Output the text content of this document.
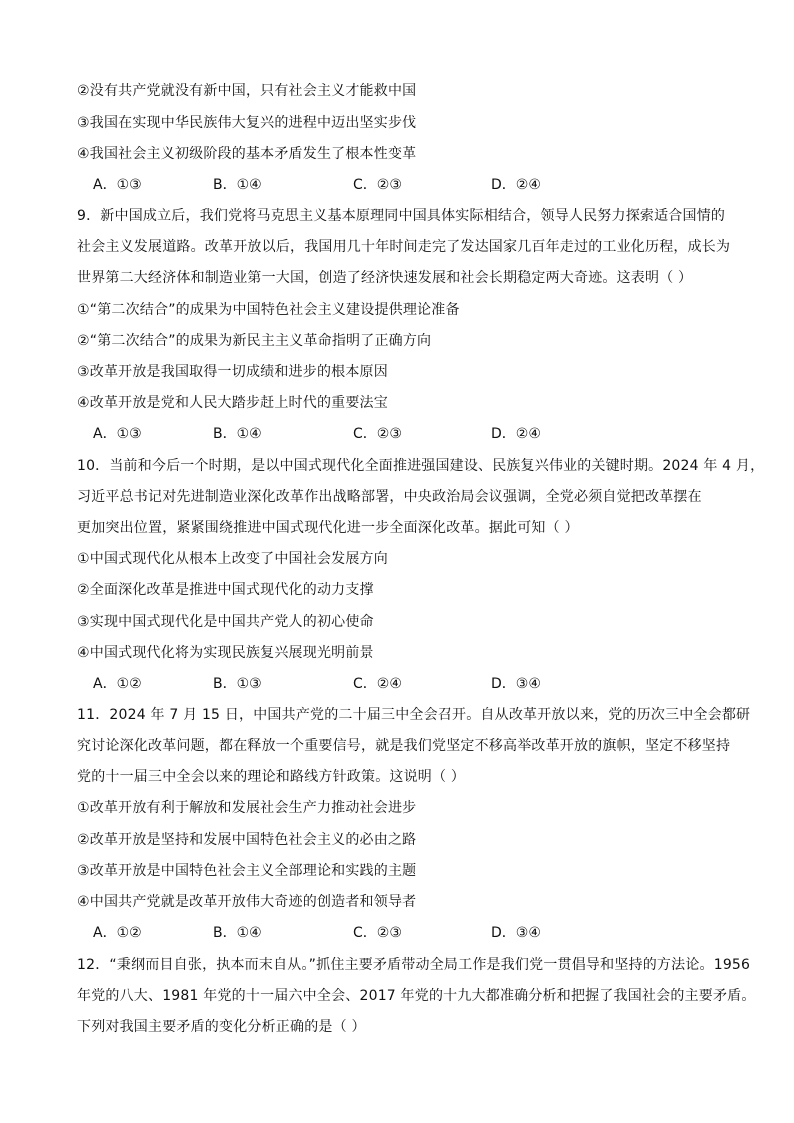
②没有共产党就没有新中国，只有社会主义才能救中国
③我国在实现中华民族伟大复兴的进程中迈出坚实步伐
④我国社会主义初级阶段的基本矛盾发生了根本性变革
A．①③	B．①④	C．②③	D．②④
9．新中国成立后，我们党将马克思主义基本原理同中国具体实际相结合，领导人民努力探索适合国情的
社会主义发展道路。改革开放以后，我国用几十年时间走完了发达国家几百年走过的工业化历程，成长为
世界第二大经济体和制造业第一大国，创造了经济快速发展和社会长期稳定两大奇迹。这表明（ ）
①“第二次结合”的成果为中国特色社会主义建设提供理论准备
②“第二次结合”的成果为新民主主义革命指明了正确方向
③改革开放是我国取得一切成绩和进步的根本原因
④改革开放是党和人民大踏步赶上时代的重要法宝
A．①③	B．①④	C．②③	D．②④
10．当前和今后一个时期，是以中国式现代化全面推进强国建设、民族复兴伟业的关键时期。2024 年 4 月，
习近平总书记对先进制造业深化改革作出战略部署，中央政治局会议强调，全党必须自觉把改革摆在
更加突出位置，紧紧围绕推进中国式现代化进一步全面深化改革。据此可知（ ）
①中国式现代化从根本上改变了中国社会发展方向
②全面深化改革是推进中国式现代化的动力支撑
③实现中国式现代化是中国共产党人的初心使命
④中国式现代化将为实现民族复兴展现光明前景
A．①②	B．①③	C．②④	D．③④
11．2024 年 7 月 15 日，中国共产党的二十届三中全会召开。自从改革开放以来，党的历次三中全会都研
究讨论深化改革问题，都在释放一个重要信号，就是我们党坚定不移高举改革开放的旗帜，坚定不移坚持
党的十一届三中全会以来的理论和路线方针政策。这说明（ ）
①改革开放有利于解放和发展社会生产力推动社会进步
②改革开放是坚持和发展中国特色社会主义的必由之路
③改革开放是中国特色社会主义全部理论和实践的主题
④中国共产党就是改革开放伟大奇迹的创造者和领导者
A．①②	B．①④	C．②③	D．③④
12．“秉纲而目自张，执本而末自从。”抓住主要矛盾带动全局工作是我们党一贯倡导和坚持的方法论。1956
年党的八大、1981 年党的十一届六中全会、2017 年党的十九大都准确分析和把握了我国社会的主要矛盾。
下列对我国主要矛盾的变化分析正确的是（ ）
